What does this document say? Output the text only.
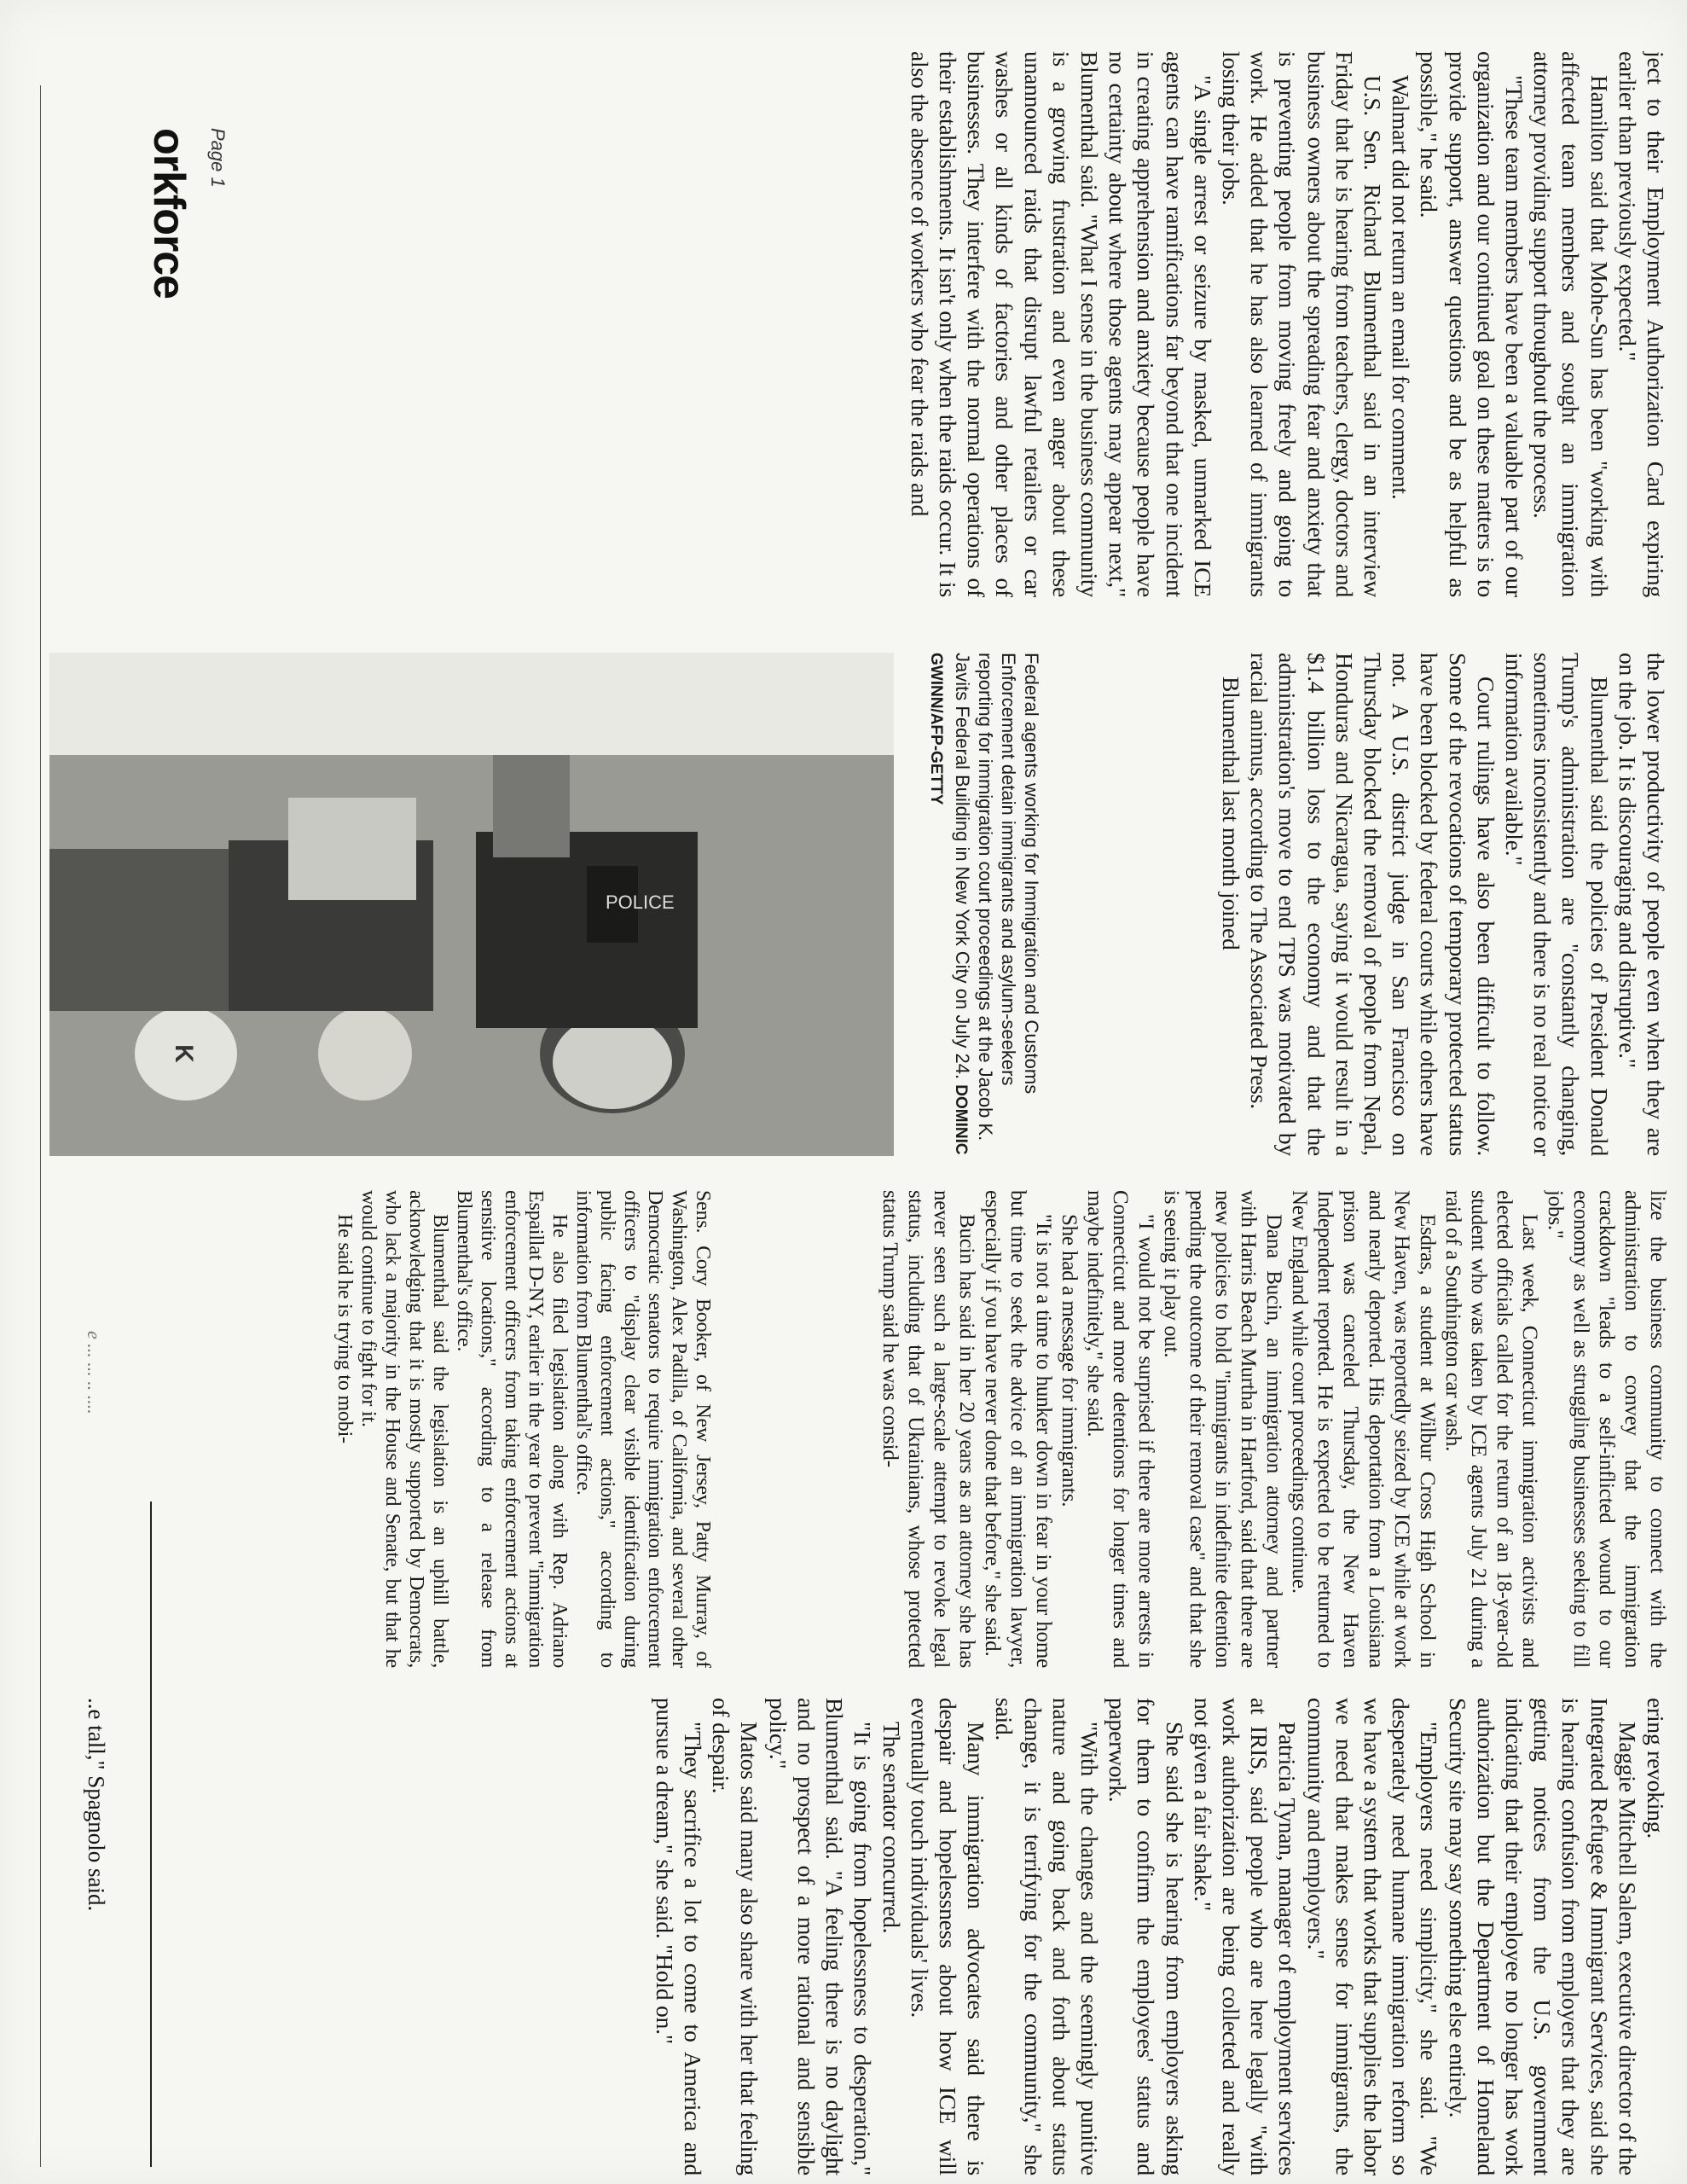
Page 1
orkforce	ject to their Employment Authorization Card expiring earlier than previously expected."

Hamilton said that Mohe-Sun has been "working with affected team members and sought an immigration attorney providing support throughout the process.

"These team members have been a valuable part of our organization and our continued goal on these matters is to provide support, answer questions and be as helpful as possible," he said.

Walmart did not return an email for comment.

U.S. Sen. Richard Blumenthal said in an interview Friday that he is hearing from teachers, clergy, doctors and business owners about the spreading fear and anxiety that is preventing people from moving freely and going to work. He added that he has also learned of immigrants losing their jobs.

"A single arrest or seizure by masked, unmarked ICE agents can have ramifications far beyond that one incident in creating apprehension and anxiety because people have no certainty about where those agents may appear next," Blumenthal said. "What I sense in the business community is a growing frustration and even anger about these unannounced raids that disrupt lawful retailers or car washes or all kinds of factories and other places of businesses. They interfere with the normal operations of their establishments. It isn't only when the raids occur. It is also the absence of workers who fear the raids and

Federal agents working for Immigration and Customs Enforcement detain immigrants and asylum-seekers reporting for immigration court proceedings at the Jacob K. Javits Federal Building in New York City on July 24. DOMINIC GWINN/AFP-GETTY
POLICE
K	the lower productivity of people even when they are on the job. It is discouraging and disruptive."

Blumenthal said the policies of President Donald Trump's administration are "constantly changing, sometimes inconsistently and there is no real notice or information available."

Court rulings have also been difficult to follow. Some of the revocations of temporary protected status have been blocked by federal courts while others have not. A U.S. district judge in San Francisco on Thursday blocked the removal of people from Nepal, Honduras and Nicaragua, saying it would result in a $1.4 billion loss to the economy and that the administration's move to end TPS was motivated by racial animus, according to The Associated Press.

Blumenthal last month joined

Sens. Cory Booker, of New Jersey, Patty Murray, of Washington, Alex Padilla, of California, and several other Democratic senators to require immigration enforcement officers to "display clear visible identification during public facing enforcement actions," according to information from Blumenthal's office.

He also filed legislation along with Rep. Adriano Espaillat D-NY, earlier in the year to prevent "immigration enforcement officers from taking enforcement actions at sensitive locations," according to a release from Blumenthal's office.

Blumenthal said the legislation is an uphill battle, acknowledging that it is mostly supported by Democrats, who lack a majority in the House and Senate, but that he would continue to fight for it.

He said he is trying to mobi-	lize the business community to connect with the administration to convey that the immigration crackdown "leads to a self-inflicted wound to our economy as well as struggling businesses seeking to fill jobs."

Last week, Connecticut immigration activists and elected officials called for the return of an 18-year-old student who was taken by ICE agents July 21 during a raid of a Southington car wash.

Esdras, a student at Wilbur Cross High School in New Haven, was reportedly seized by ICE while at work and nearly deported. His deportation from a Louisiana prison was canceled Thursday, the New Haven Independent reported. He is expected to be returned to New England while court proceedings continue.

Dana Bucin, an immigration attorney and partner with Harris Beach Murtha in Hartford, said that there are new policies to hold "immigrants in indefinite detention pending the outcome of their removal case" and that she is seeing it play out.

"I would not be surprised if there are more arrests in Connecticut and more detentions for longer times and maybe indefinitely," she said.

She had a message for immigrants.

"It is not a time to hunker down in fear in your home but time to seek the advice of an immigration lawyer, especially if you have never done that before," she said.

Bucin has said in her 20 years as an attorney she has never seen such a large-scale attempt to revoke legal status, including that of Ukrainians, whose protected status Trump said he was consid-

ering revoking.

Maggie Mitchell Salem, executive director of the Integrated Refugee & Immigrant Services, said she is hearing confusion from employers that they are getting notices from the U.S. government indicating that their employee no longer has work authorization but the Department of Homeland Security site may say something else entirely.

"Employers need simplicity," she said. "We desperately need humane immigration reform so we have a system that works that supplies the labor we need that makes sense for immigrants, the community and employers."

Patricia Tynan, manager of employment services at IRIS, said people who are here legally "with work authorization are being collected and really not given a fair shake."

She said she is hearing from employers asking for them to confirm the employees' status and paperwork.

"With the changes and the seemingly punitive nature and going back and forth about status change, it is terrifying for the community," she said.

Many immigration advocates said there is despair and hopelessness about how ICE will eventually touch individuals' lives.

The senator concurred.

"It is going from hopelessness to desperation," Blumenthal said. "A feeling there is no daylight and no prospect of a more rational and sensible policy."

Matos said many also share with her that feeling of despair.

"They sacrifice a lot to come to America and pursue a dream," she said. "Hold on."

e ... ... .. ....
..e tall," Spagnolo said.
